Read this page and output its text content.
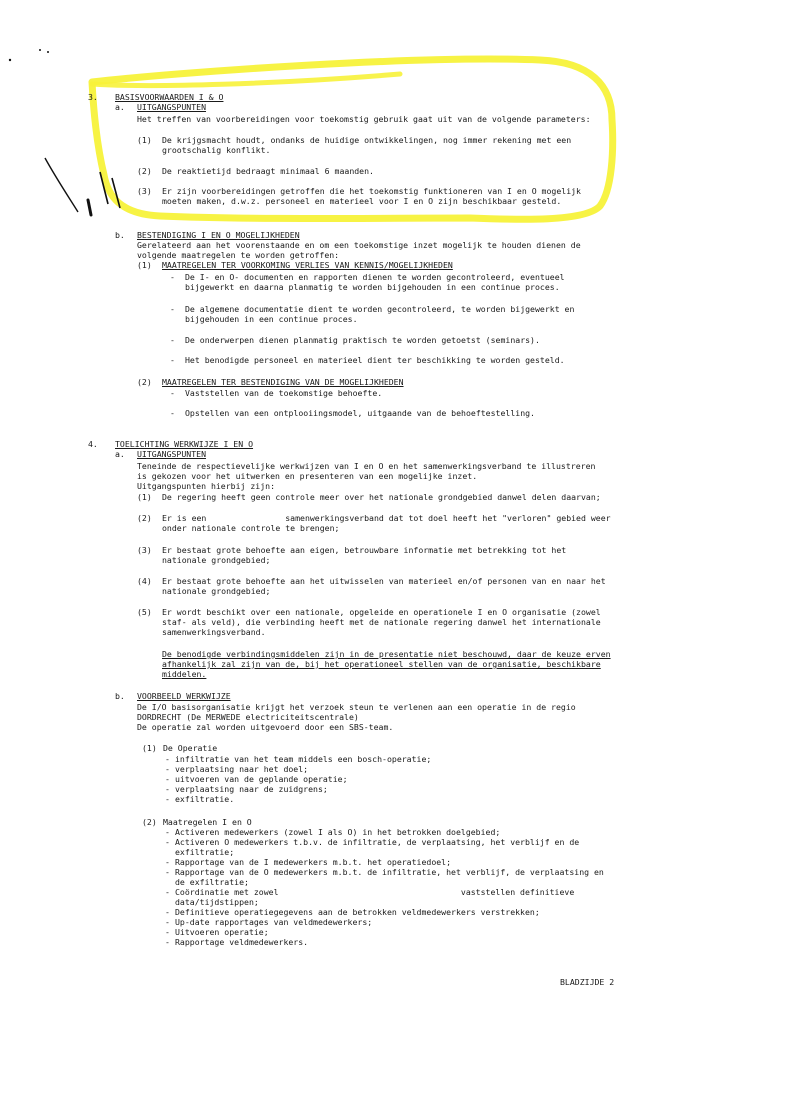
3. BASISVOORWAARDEN I & O
a. UITGANGSPUNTEN
Het treffen van voorbereidingen voor toekomstig gebruik gaat uit van de volgende parameters:
(1) De krijgsmacht houdt, ondanks de huidige ontwikkelingen, nog immer rekening met een
grootschalig konflikt.
(2) De reaktietijd bedraagt minimaal 6 maanden.
(3) Er zijn voorbereidingen getroffen die het toekomstig funktioneren van I en O mogelijk
moeten maken, d.w.z. personeel en materieel voor I en O zijn beschikbaar gesteld.
b. BESTENDIGING I EN O MOGELIJKHEDEN
Gerelateerd aan het voorenstaande en om een toekomstige inzet mogelijk te houden dienen de
volgende maatregelen te worden getroffen:
(1) MAATREGELEN TER VOORKOMING VERLIES VAN KENNIS/MOGELIJKHEDEN
- De I- en O- documenten en rapporten dienen te worden gecontroleerd, eventueel
bijgewerkt en daarna planmatig te worden bijgehouden in een continue proces.
- De algemene documentatie dient te worden gecontroleerd, te worden bijgewerkt en
bijgehouden in een continue proces.
- De onderwerpen dienen planmatig praktisch te worden getoetst (seminars).
- Het benodigde personeel en materieel dient ter beschikking te worden gesteld.
(2) MAATREGELEN TER BESTENDIGING VAN DE MOGELIJKHEDEN
- Vaststellen van de toekomstige behoefte.
- Opstellen van een ontplooiingsmodel, uitgaande van de behoeftestelling.
4. TOELICHTING WERKWIJZE I EN O
a. UITGANGSPUNTEN
Teneinde de respectievelijke werkwijzen van I en O en het samenwerkingsverband te illustreren
is gekozen voor het uitwerken en presenteren van een mogelijke inzet.
Uitgangspunten hierbij zijn:
(1) De regering heeft geen controle meer over het nationale grondgebied danwel delen daarvan;
(2) Er is een                samenwerkingsverband dat tot doel heeft het "verloren" gebied weer
onder nationale controle te brengen;
(3) Er bestaat grote behoefte aan eigen, betrouwbare informatie met betrekking tot het
nationale grondgebied;
(4) Er bestaat grote behoefte aan het uitwisselen van materieel en/of personen van en naar het
nationale grondgebied;
(5) Er wordt beschikt over een nationale, opgeleide en operationele I en O organisatie (zowel
staf- als veld), die verbinding heeft met de nationale regering danwel het internationale
samenwerkingsverband.
De benodigde verbindingsmiddelen zijn in de presentatie niet beschouwd, daar de keuze erven
afhankelijk zal zijn van de, bij het operationeel stellen van de organisatie, beschikbare
middelen.
b. VOORBEELD WERKWIJZE
De I/O basisorganisatie krijgt het verzoek steun te verlenen aan een operatie in de regio
DORDRECHT (De MERWEDE electriciteitscentrale)
De operatie zal worden uitgevoerd door een SBS-team.
(1) De Operatie
- infiltratie van het team middels een bosch-operatie;
- verplaatsing naar het doel;
- uitvoeren van de geplande operatie;
- verplaatsing naar de zuidgrens;
- exfiltratie.
(2) Maatregelen I en O
- Activeren medewerkers (zowel I als O) in het betrokken doelgebied;
- Activeren O medewerkers t.b.v. de infiltratie, de verplaatsing, het verblijf en de
exfiltratie;
- Rapportage van de I medewerkers m.b.t. het operatiedoel;
- Rapportage van de O medewerkers m.b.t. de infiltratie, het verblijf, de verplaatsing en
de exfiltratie;
- Coördinatie met zowel                                     vaststellen definitieve
data/tijdstippen;
- Definitieve operatiegegevens aan de betrokken veldmedewerkers verstrekken;
- Up-date rapportages van veldmedewerkers;
- Uitvoeren operatie;
- Rapportage veldmedewerkers.
BLADZIJDE 2
